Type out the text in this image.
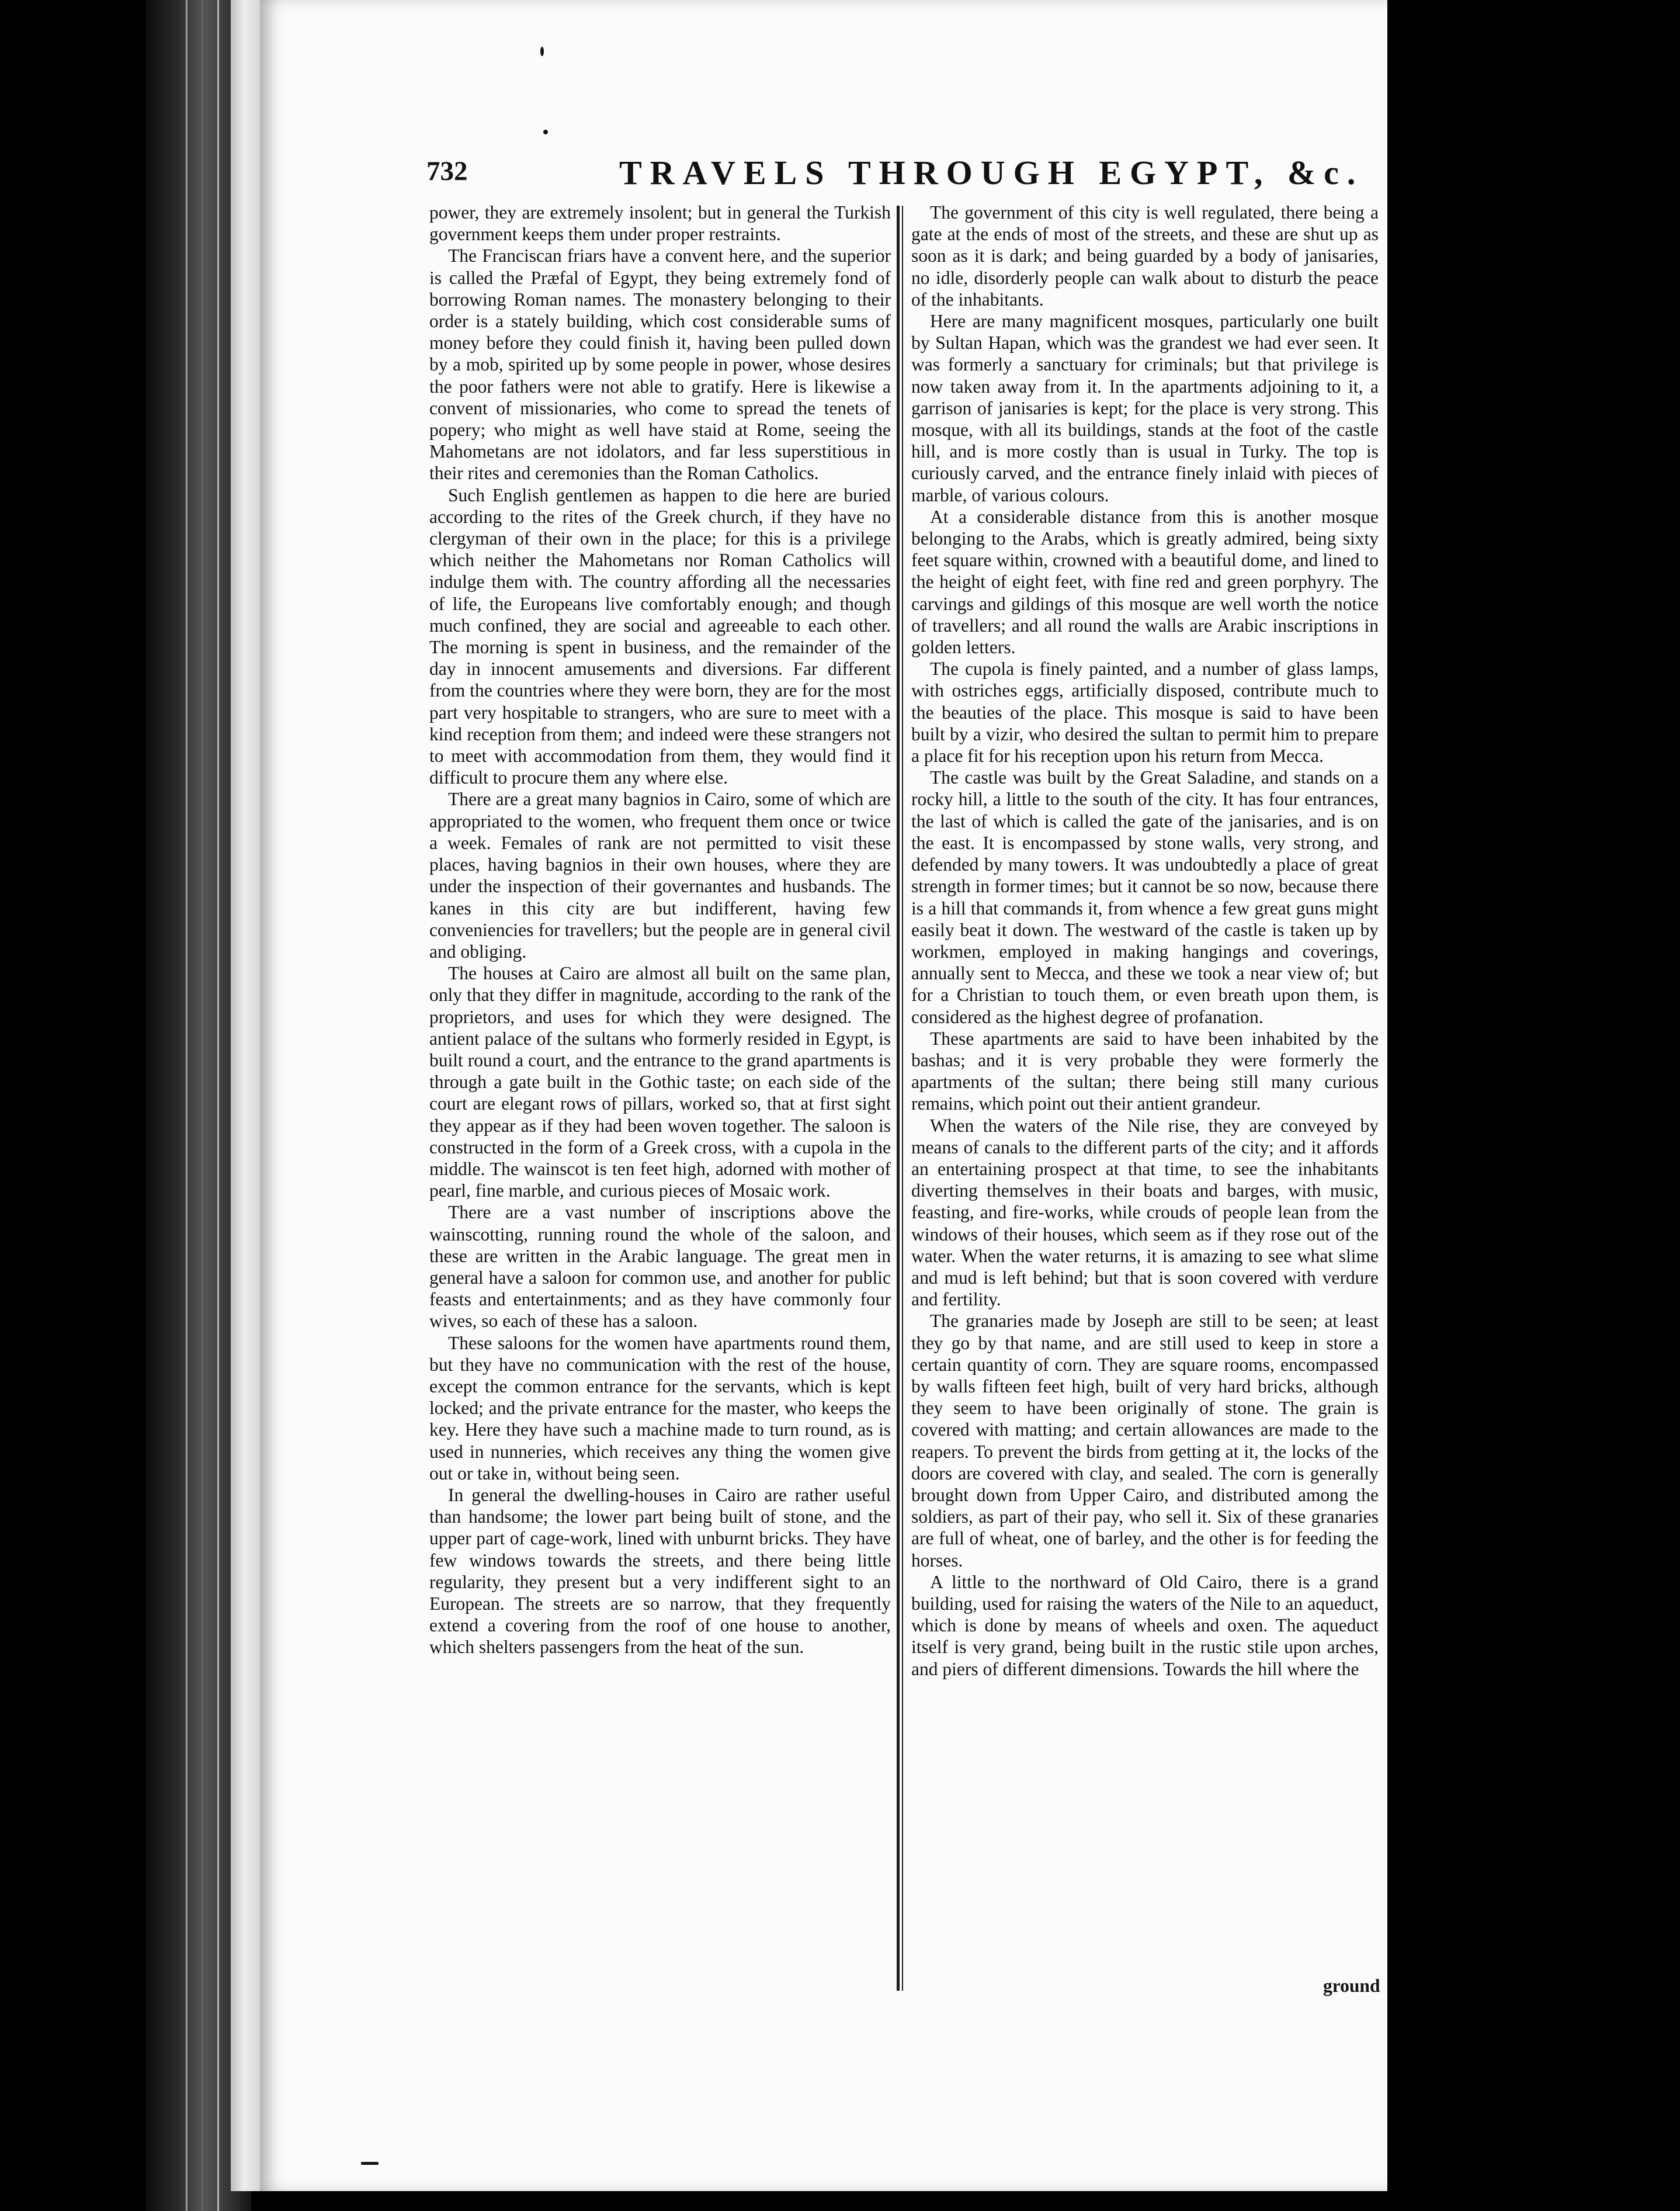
732	TRAVELS THROUGH EGYPT, &c.

power, they are extremely insolent; but in general the Turkish government keeps them under proper restraints.

The Franciscan friars have a convent here, and the superior is called the Præfal of Egypt, they being extremely fond of borrowing Roman names. The monastery belonging to their order is a stately building, which cost considerable sums of money before they could finish it, having been pulled down by a mob, spirited up by some people in power, whose desires the poor fathers were not able to gratify. Here is likewise a convent of missionaries, who come to spread the tenets of popery; who might as well have staid at Rome, seeing the Mahometans are not idolators, and far less superstitious in their rites and ceremonies than the Roman Catholics.

Such English gentlemen as happen to die here are buried according to the rites of the Greek church, if they have no clergyman of their own in the place; for this is a privilege which neither the Mahometans nor Roman Catholics will indulge them with. The country affording all the necessaries of life, the Europeans live comfortably enough; and though much confined, they are social and agreeable to each other. The morning is spent in business, and the remainder of the day in innocent amusements and diversions. Far different from the countries where they were born, they are for the most part very hospitable to strangers, who are sure to meet with a kind reception from them; and indeed were these strangers not to meet with accommodation from them, they would find it difficult to procure them any where else.

There are a great many bagnios in Cairo, some of which are appropriated to the women, who frequent them once or twice a week. Females of rank are not permitted to visit these places, having bagnios in their own houses, where they are under the inspection of their governantes and husbands. The kanes in this city are but indifferent, having few conveniencies for travellers; but the people are in general civil and obliging.

The houses at Cairo are almost all built on the same plan, only that they differ in magnitude, according to the rank of the proprietors, and uses for which they were designed. The antient palace of the sultans who formerly resided in Egypt, is built round a court, and the entrance to the grand apartments is through a gate built in the Gothic taste; on each side of the court are elegant rows of pillars, worked so, that at first sight they appear as if they had been woven together. The saloon is constructed in the form of a Greek cross, with a cupola in the middle. The wainscot is ten feet high, adorned with mother of pearl, fine marble, and curious pieces of Mosaic work.

There are a vast number of inscriptions above the wainscotting, running round the whole of the saloon, and these are written in the Arabic language. The great men in general have a saloon for common use, and another for public feasts and entertainments; and as they have commonly four wives, so each of these has a saloon.

These saloons for the women have apartments round them, but they have no communication with the rest of the house, except the common entrance for the servants, which is kept locked; and the private entrance for the master, who keeps the key. Here they have such a machine made to turn round, as is used in nunneries, which receives any thing the women give out or take in, without being seen.

In general the dwelling-houses in Cairo are rather useful than handsome; the lower part being built of stone, and the upper part of cage-work, lined with unburnt bricks. They have few windows towards the streets, and there being little regularity, they present but a very indifferent sight to an European. The streets are so narrow, that they frequently extend a covering from the roof of one house to another, which shelters passengers from the heat of the sun.

The government of this city is well regulated, there being a gate at the ends of most of the streets, and these are shut up as soon as it is dark; and being guarded by a body of janisaries, no idle, disorderly people can walk about to disturb the peace of the inhabitants.

Here are many magnificent mosques, particularly one built by Sultan Hapan, which was the grandest we had ever seen. It was formerly a sanctuary for criminals; but that privilege is now taken away from it. In the apartments adjoining to it, a garrison of janisaries is kept; for the place is very strong. This mosque, with all its buildings, stands at the foot of the castle hill, and is more costly than is usual in Turky. The top is curiously carved, and the entrance finely inlaid with pieces of marble, of various colours.

At a considerable distance from this is another mosque belonging to the Arabs, which is greatly admired, being sixty feet square within, crowned with a beautiful dome, and lined to the height of eight feet, with fine red and green porphyry. The carvings and gildings of this mosque are well worth the notice of travellers; and all round the walls are Arabic inscriptions in golden letters.

The cupola is finely painted, and a number of glass lamps, with ostriches eggs, artificially disposed, contribute much to the beauties of the place. This mosque is said to have been built by a vizir, who desired the sultan to permit him to prepare a place fit for his reception upon his return from Mecca.

The castle was built by the Great Saladine, and stands on a rocky hill, a little to the south of the city. It has four entrances, the last of which is called the gate of the janisaries, and is on the east. It is encompassed by stone walls, very strong, and defended by many towers. It was undoubtedly a place of great strength in former times; but it cannot be so now, because there is a hill that commands it, from whence a few great guns might easily beat it down. The westward of the castle is taken up by workmen, employed in making hangings and coverings, annually sent to Mecca, and these we took a near view of; but for a Christian to touch them, or even breath upon them, is considered as the highest degree of profanation.

These apartments are said to have been inhabited by the bashas; and it is very probable they were formerly the apartments of the sultan; there being still many curious remains, which point out their antient grandeur.

When the waters of the Nile rise, they are conveyed by means of canals to the different parts of the city; and it affords an entertaining prospect at that time, to see the inhabitants diverting themselves in their boats and barges, with music, feasting, and fire-works, while crouds of people lean from the windows of their houses, which seem as if they rose out of the water. When the water returns, it is amazing to see what slime and mud is left behind; but that is soon covered with verdure and fertility.

The granaries made by Joseph are still to be seen; at least they go by that name, and are still used to keep in store a certain quantity of corn. They are square rooms, encompassed by walls fifteen feet high, built of very hard bricks, although they seem to have been originally of stone. The grain is covered with matting; and certain allowances are made to the reapers. To prevent the birds from getting at it, the locks of the doors are covered with clay, and sealed. The corn is generally brought down from Upper Cairo, and distributed among the soldiers, as part of their pay, who sell it. Six of these granaries are full of wheat, one of barley, and the other is for feeding the horses.

A little to the northward of Old Cairo, there is a grand building, used for raising the waters of the Nile to an aqueduct, which is done by means of wheels and oxen. The aqueduct itself is very grand, being built in the rustic stile upon arches, and piers of different dimensions. Towards the hill where the

ground
